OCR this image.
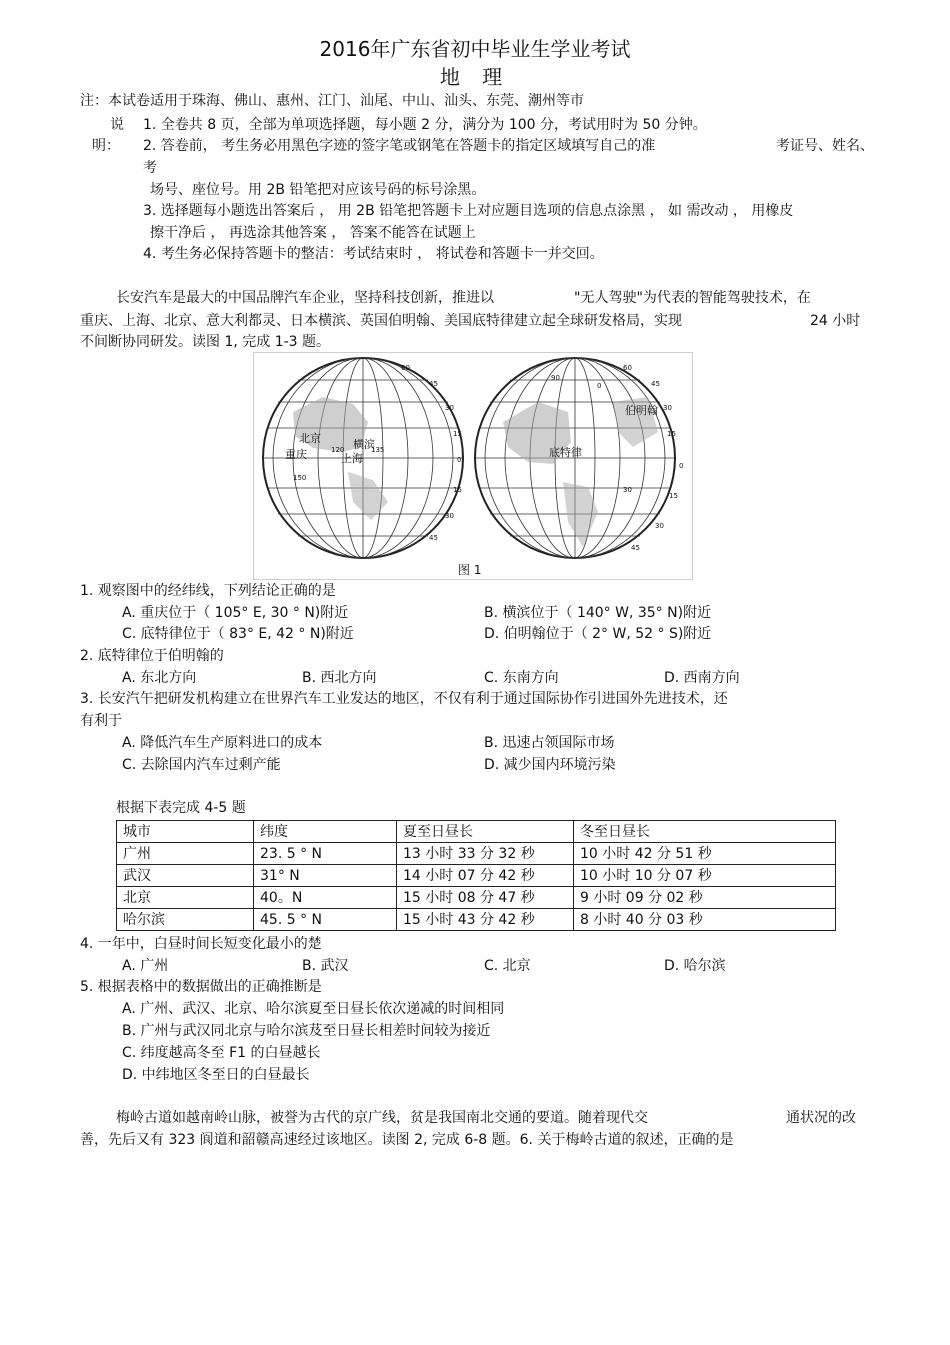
2016年广东省初中毕业生学业考试
地 理
注：本试卷适用于珠海、佛山、惠州、江门、汕尾、中山、汕头、东莞、潮州等市
说
明：
1. 全卷共 8 页，全部为单项选择题，每小题 2 分，满分为 100 分，考试用时为 50 分钟。
2. 答卷前， 考生务必用黑色字迹的签字笔或钢笔在答题卡的指定区域填写自己的准	考证号、姓名、
考
场号、座位号。用 2B 铅笔把对应该号码的标号涂黑。
3. 选择题每小题选出答案后 ， 用 2B 铅笔把答题卡上对应题目选项的信息点涂黑 ， 如 需改动 ， 用橡皮
擦干净后 ， 再选涂其他答案 ， 答案不能答在试题上
4. 考生务必保持答题卡的整洁：考试结束时 ， 将试卷和答题卡一并交回。
长安汽车是最大的中国品牌汽车企业，坚持科技创新，推进以	"无人驾驶"为代表的智能驾驶技术，在
重庆、上海、北京、意大利都灵、日本横滨、英国伯明翰、美国底特律建立起全球研发格局，实现	24 小时
不间断协同研发。读图 1, 完成 1-3 题。
北京	横滨
重庆	上海
60
45
30
15
0
15
30
45
150
120	135
伯明翰
底特律
60
45
30
15
0
15
30
45
90
0
30
图 1
1. 观察图中的经纬线，下列结论正确的是
A. 重庆位于（ 105° E, 30 ° N)附近	B. 横滨位于（ 140° W, 35° N)附近
C. 底特律位于（ 83° E, 42 ° N)附近	D. 伯明翰位于（ 2° W, 52 ° S)附近
2. 底特律位于伯明翰的
A. 东北方向	B. 西北方向	C. 东南方向	D. 西南方向
3. 长安汽午把研发机构建立在世界汽车工业发达的地区，不仅有利于通过国际协作引进国外先进技术，还
有利于
A. 降低汽车生产原料进口的成本	B. 迅速占领国际市场
C. 去除国内汽车过剩产能	D. 减少国内环境污染
根据下表完成 4-5 题
城市	纬度	夏至日昼长	冬至日昼长
广州	23. 5 ° N	13 小时 33 分 32 秒	10 小时 42 分 51 秒
武汉	31° N	14 小时 07 分 42 秒	10 小时 10 分 07 秒
北京	40。N	15 小时 08 分 47 秒	9 小时 09 分 02 秒
哈尔滨	45. 5 ° N	15 小时 43 分 42 秒	8 小时 40 分 03 秒
4. 一年中，白昼时间长短变化最小的楚
A. 广州	B. 武汉	C. 北京	D. 哈尔滨
5. 根据表格中的数据做出的正确推断是
A. 广州、武汉、北京、哈尔滨夏至日昼长依次递减的时间相同
B. 广州与武汉同北京与哈尔滨芨至日昼长相差时间较为接近
C. 纬度越高冬至 F1 的白昼越长
D. 中纬地区冬至日的白昼最长
梅岭古道如越南岭山脉，被誉为古代的京广线，贫是我国南北交通的要道。随着现代交	通状况的改
善，先后又有 323 阆道和韶赣高速经过该地区。读图 2, 完成 6-8 题。6. 关于梅岭古道的叙述，正确的是
